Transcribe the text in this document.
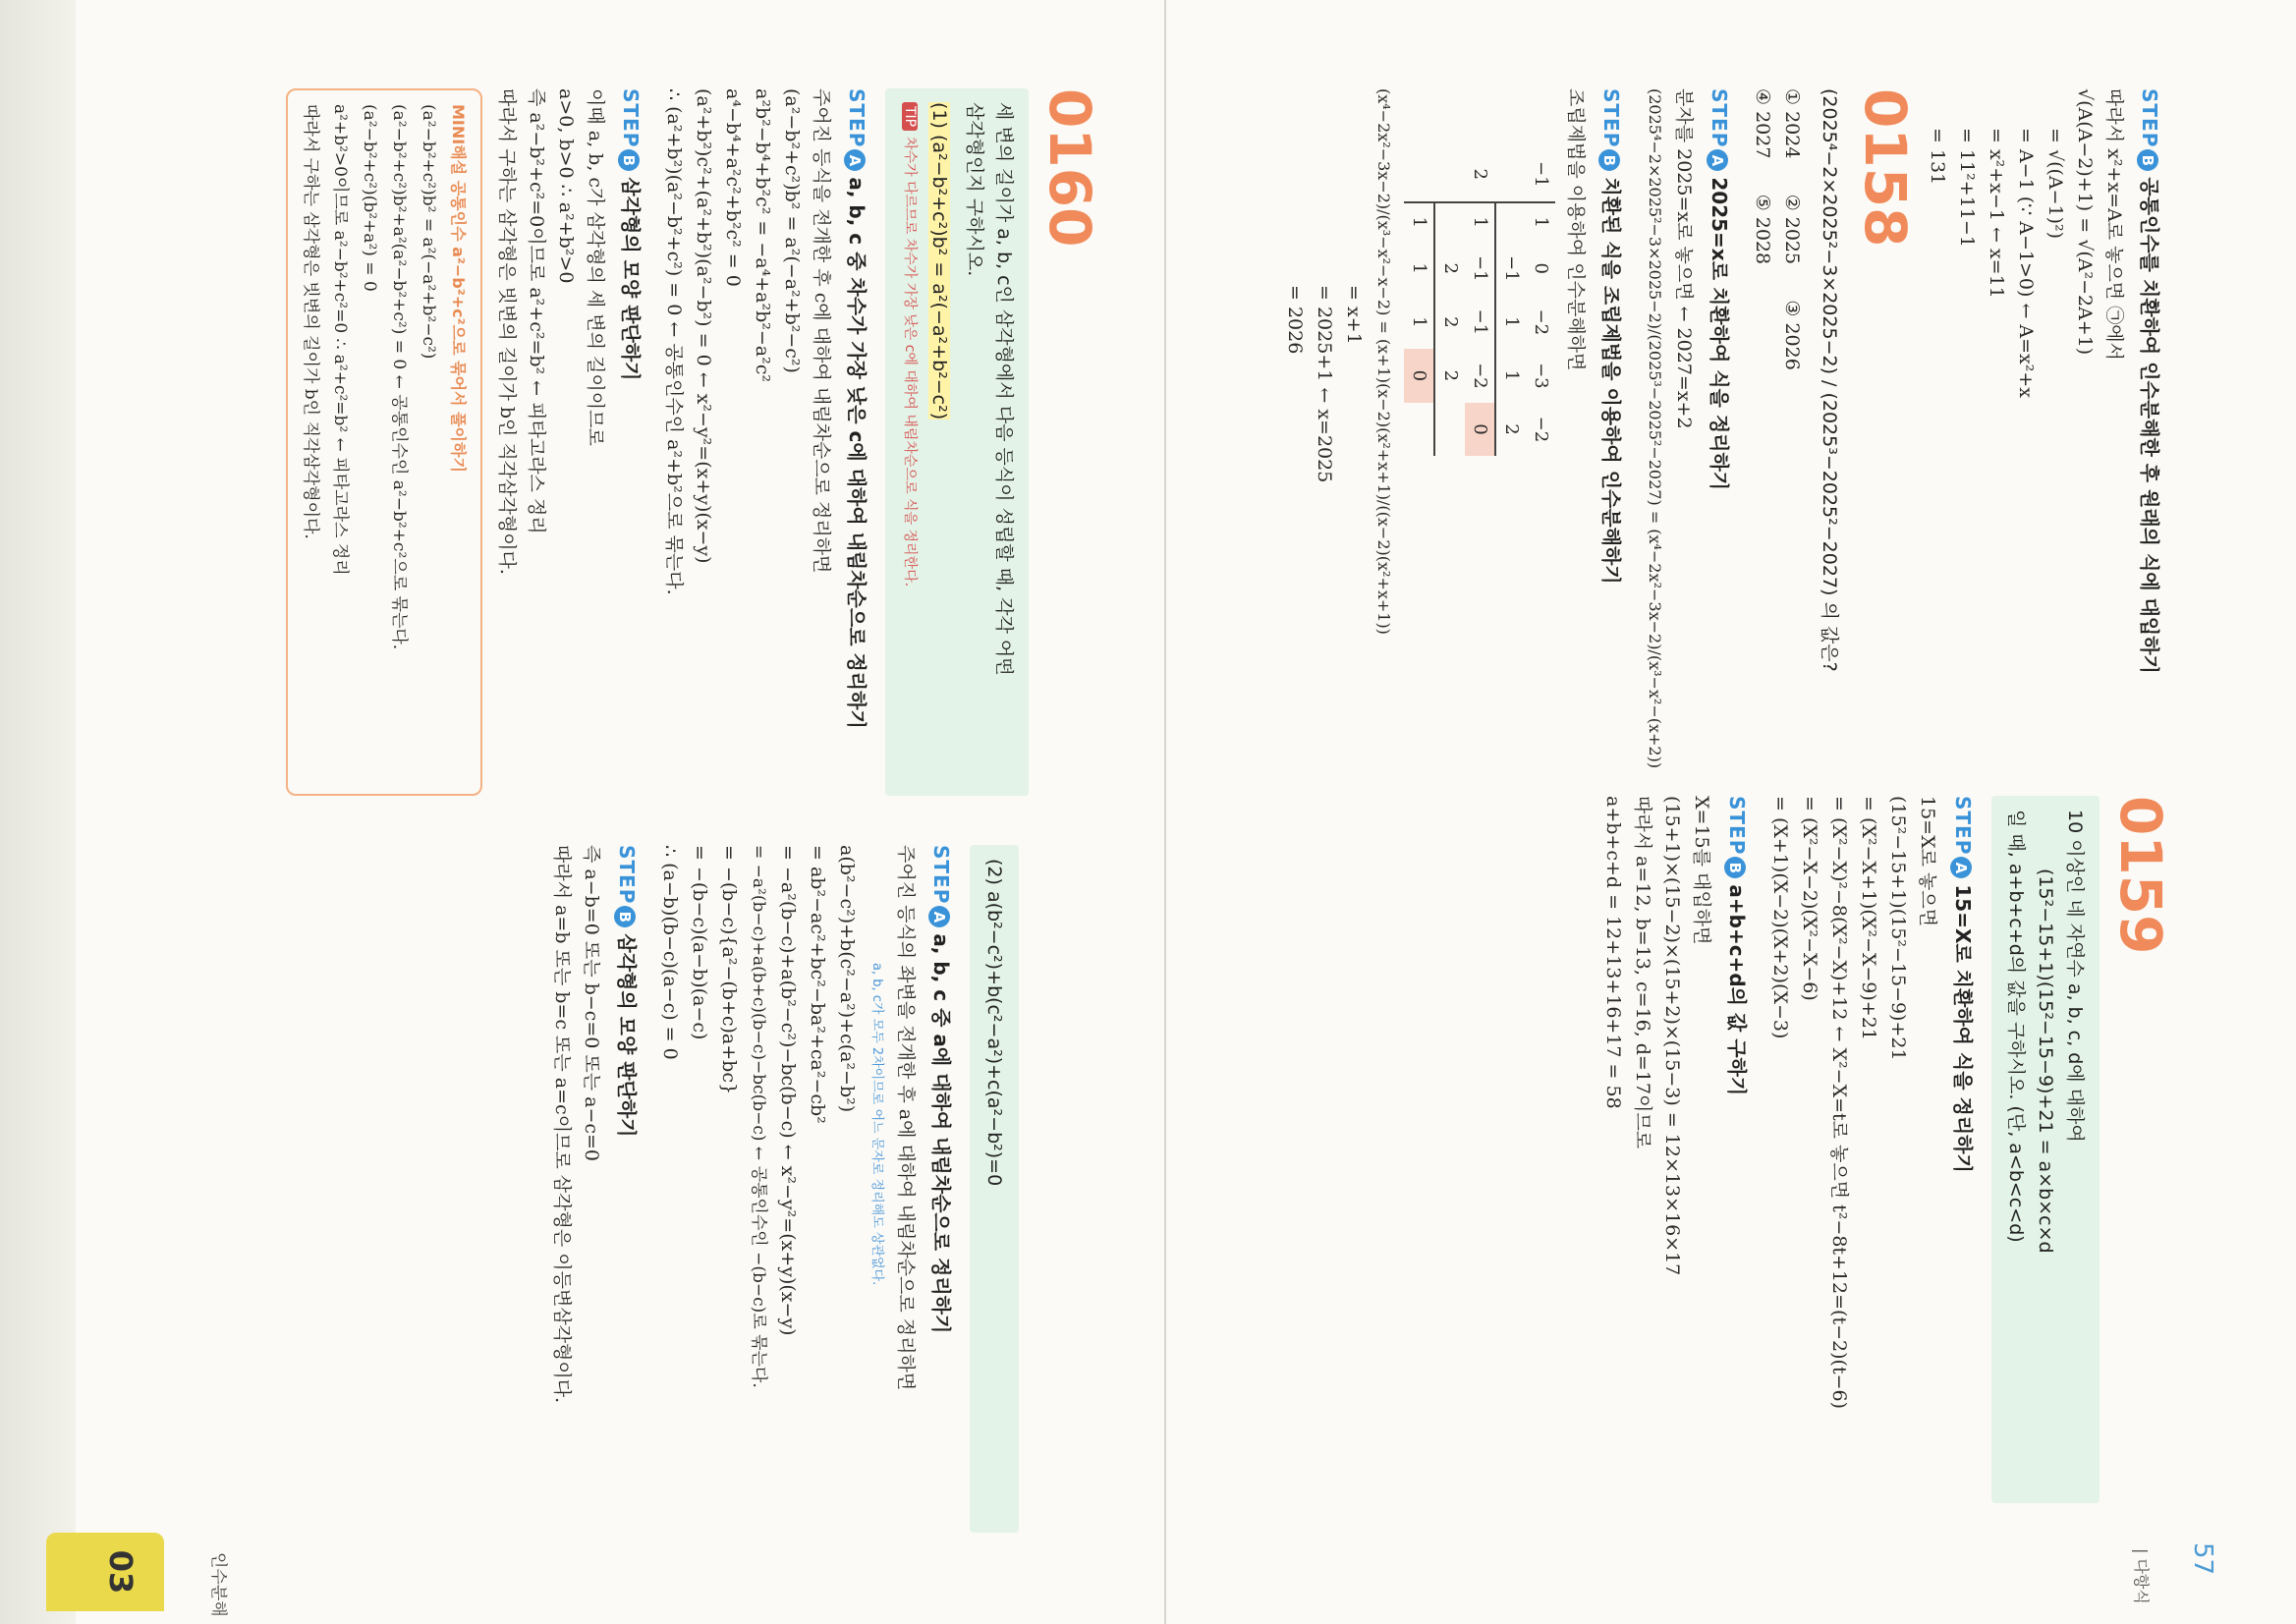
03	인수분해	57
| 다항식
STEPB공통인수를 치환하여 인수분해한 후 원래의 식에 대입하기
따라서 x²+x=A로 놓으면 ㉠에서
√(A(A−2)+1) = √(A²−2A+1)
= √((A−1)²)
= A−1 (∵ A−1>0) ← A=x²+x
= x²+x−1 ← x=11
= 11²+11−1
= 131
0158
(2025⁴−2×2025²−3×2025−2) / (2025³−2025²−2027) 의 값은?
① 2024      ② 2025      ③ 2026
④ 2027      ⑤ 2028
STEPA2025=x로 치환하여 식을 정리하기
분자를 2025=x로 놓으면 ← 2027=x+2
(2025⁴−2×2025²−3×2025−2)/(2025³−2025²−2027) = (x⁴−2x²−3x−2)/(x³−x²−(x+2))
STEPB치환된 식을 조립제법을 이용하여 인수분해하기
조립제법을 이용하여 인수분해하면
−1	1	0	−2	−3	−2
		−1	1	1	2
2	1	−1	−1	−2	0
		2	2	2	
	1	1	1	0	
(x⁴−2x²−3x−2)/(x³−x²−x−2) = (x+1)(x−2)(x²+x+1)/((x−2)(x²+x+1))
= x+1
= 2025+1 ← x=2025
= 2026
0159
10 이상인 네 자연수 a, b, c, d에 대하여
(15²−15+1)(15²−15−9)+21 = a×b×c×d
일 때, a+b+c+d의 값을 구하시오. (단, a<b<c<d)
STEPA15=X로 치환하여 식을 정리하기
15=X로 놓으면
(15²−15+1)(15²−15−9)+21
= (X²−X+1)(X²−X−9)+21
= (X²−X)²−8(X²−X)+12 ← X²−X=t로 놓으면 t²−8t+12=(t−2)(t−6)
= (X²−X−2)(X²−X−6)
= (X+1)(X−2)(X+2)(X−3)
STEPBa+b+c+d의 값 구하기
X=15를 대입하면
(15+1)×(15−2)×(15+2)×(15−3) = 12×13×16×17
따라서 a=12, b=13, c=16, d=17이므로
a+b+c+d = 12+13+16+17 = 58
0160
세 변의 길이가 a, b, c인 삼각형에서 다음 등식이 성립할 때, 각각 어떤
삼각형인지 구하시오.
(1) (a²−b²+c²)b² = a²(−a²+b²−c²)
TIP차수가 다르므로 차수가 가장 낮은 c에 대하여 내림차순으로 식을 정리한다.
STEPAa, b, c 중 차수가 가장 낮은 c에 대하여 내림차순으로 정리하기
주어진 등식을 전개한 후 c에 대하여 내림차순으로 정리하면
(a²−b²+c²)b² = a²(−a²+b²−c²)
a²b²−b⁴+b²c² = −a⁴+a²b²−a²c²
a⁴−b⁴+a²c²+b²c² = 0
(a²+b²)c²+(a²+b²)(a²−b²) = 0 ← x²−y²=(x+y)(x−y)
∴ (a²+b²)(a²−b²+c²) = 0 ← 공통인수인 a²+b²으로 묶는다.
STEPB삼각형의 모양 판단하기
이때 a, b, c가 삼각형의 세 변의 길이이므로
a>0, b>0 ∴ a²+b²>0
즉 a²−b²+c²=0이므로 a²+c²=b² ← 피타고라스 정리
따라서 구하는 삼각형은 빗변의 길이가 b인 직각삼각형이다.
MINI해설 공통인수 a²−b²+c²으로 묶어서 풀이하기
(a²−b²+c²)b² = a²(−a²+b²−c²)
(a²−b²+c²)b²+a²(a²−b²+c²) = 0 ← 공통인수인 a²−b²+c²으로 묶는다.
(a²−b²+c²)(b²+a²) = 0
a²+b²>0이므로 a²−b²+c²=0 ∴ a²+c²=b² ← 피타고라스 정리
따라서 구하는 삼각형은 빗변의 길이가 b인 직각삼각형이다.
(2) a(b²−c²)+b(c²−a²)+c(a²−b²)=0
STEPAa, b, c 중 a에 대하여 내림차순으로 정리하기
주어진 등식의 좌변을 전개한 후 a에 대하여 내림차순으로 정리하면
a, b, c가 모두 2차이므로 어느 문자로 정리해도 상관없다.
a(b²−c²)+b(c²−a²)+c(a²−b²)
= ab²−ac²+bc²−ba²+ca²−cb²
= −a²(b−c)+a(b²−c²)−bc(b−c) ← x²−y²=(x+y)(x−y)
= −a²(b−c)+a(b+c)(b−c)−bc(b−c) ← 공통인수인 −(b−c)로 묶는다.
= −(b−c){a²−(b+c)a+bc}
= −(b−c)(a−b)(a−c)
∴ (a−b)(b−c)(a−c) = 0
STEPB삼각형의 모양 판단하기
즉 a−b=0 또는 b−c=0 또는 a−c=0
따라서 a=b 또는 b=c 또는 a=c이므로 삼각형은 이등변삼각형이다.
